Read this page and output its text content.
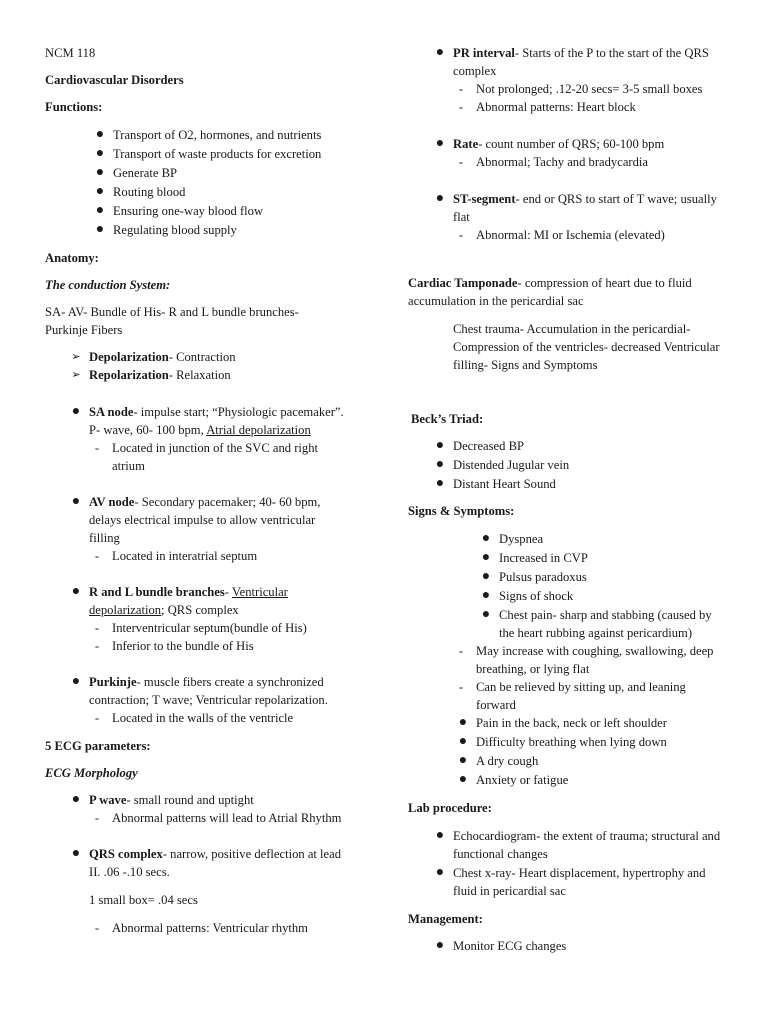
NCM 118

Cardiovascular Disorders

Functions:

● Transport of O2, hormones, and nutrients
● Transport of waste products for excretion
● Generate BP
● Routing blood
● Ensuring one-way blood flow
● Regulating blood supply

Anatomy:

The conduction System:

SA- AV- Bundle of His- R and L bundle brunches- Purkinje Fibers

➢ Depolarization- Contraction
➢ Repolarization- Relaxation
● SA node- impulse start; “Physiologic pacemaker”. P- wave, 60- 100 bpm, Atrial depolarization
-	Located in junction of the SVC and right atrium
● AV node- Secondary pacemaker; 40- 60 bpm, delays electrical impulse to allow ventricular filling
-	Located in interatrial septum
● R and L bundle branches- Ventricular depolarization; QRS complex
-	Interventricular septum(bundle of His)
-	Inferior to the bundle of His
● Purkinje- muscle fibers create a synchronized contraction; T wave; Ventricular repolarization.
-	Located in the walls of the ventricle

5 ECG parameters:

ECG Morphology

● P wave- small round and uptight
-	Abnormal patterns will lead to Atrial Rhythm
● QRS complex- narrow, positive deflection at lead II. .06 -.10 secs.

1 small box= .04 secs

-	Abnormal patterns: Ventricular rhythm
● PR interval- Starts of the P to the start of the QRS complex
-	Not prolonged; .12-20 secs= 3-5 small boxes
-	Abnormal patterns: Heart block
● Rate- count number of QRS; 60-100 bpm
-	Abnormal; Tachy and bradycardia
● ST-segment- end or QRS to start of T wave; usually flat
-	Abnormal: MI or Ischemia (elevated)

Cardiac Tamponade- compression of heart due to fluid accumulation in the pericardial sac

Chest trauma- Accumulation in the pericardial- Compression of the ventricles- decreased Ventricular filling- Signs and Symptoms

Beck’s Triad:

● Decreased BP
● Distended Jugular vein
● Distant Heart Sound

Signs & Symptoms:

● Dyspnea
● Increased in CVP
● Pulsus paradoxus
● Signs of shock
● Chest pain- sharp and stabbing (caused by the heart rubbing against pericardium)
-	May increase with coughing, swallowing, deep breathing, or lying flat
-	Can be relieved by sitting up, and leaning forward
● Pain in the back, neck or left shoulder
● Difficulty breathing when lying down
● A dry cough
● Anxiety or fatigue

Lab procedure:

● Echocardiogram- the extent of trauma; structural and functional changes
● Chest x-ray- Heart displacement, hypertrophy and fluid in pericardial sac

Management:

● Monitor ECG changes
